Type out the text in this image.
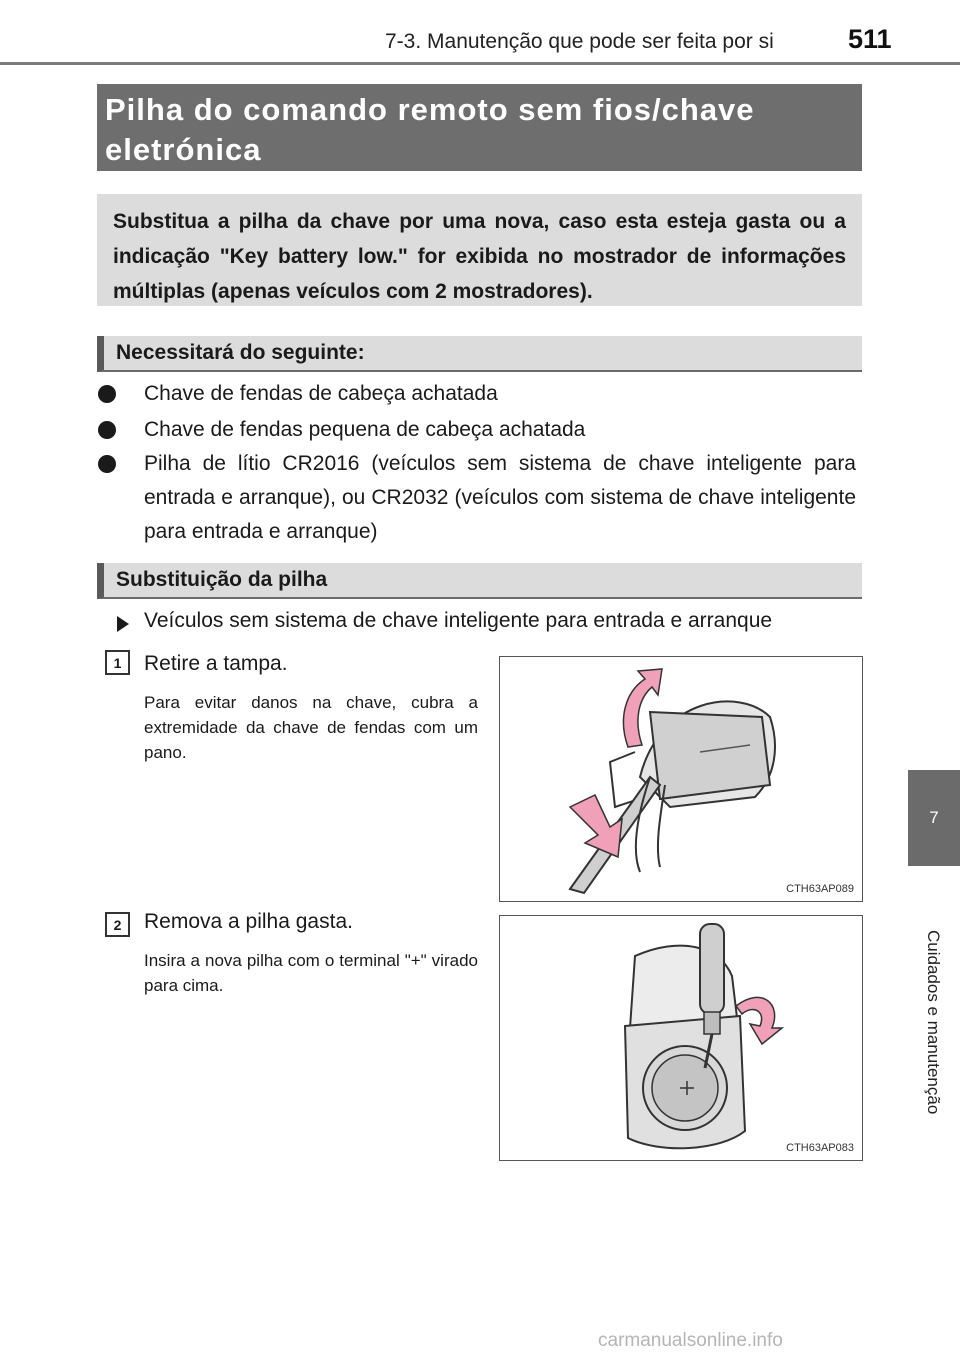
7-3. Manutenção que pode ser feita por si	511
7
Cuidados e manutenção
Pilha do comando remoto sem fios/chave
eletrónica
Substitua a pilha da chave por uma nova, caso esta esteja gasta ou a indicação "Key battery low." for exibida no mostrador de informações múltiplas (apenas veículos com 2 mostradores).
Necessitará do seguinte:
Chave de fendas de cabeça achatada
Chave de fendas pequena de cabeça achatada
Pilha de lítio CR2016 (veículos sem sistema de chave inteligente para entrada e arranque), ou CR2032 (veículos com sistema de chave inteligente para entrada e arranque)
Substituição da pilha
Veículos sem sistema de chave inteligente para entrada e arranque
1	Retire a tampa.
Para evitar danos na chave, cubra a extremidade da chave de fendas com um pano.
CTH63AP089
2	Remova a pilha gasta.
Insira a nova pilha com o terminal "+" virado para cima.
CTH63AP083
carmanualsonline.info
